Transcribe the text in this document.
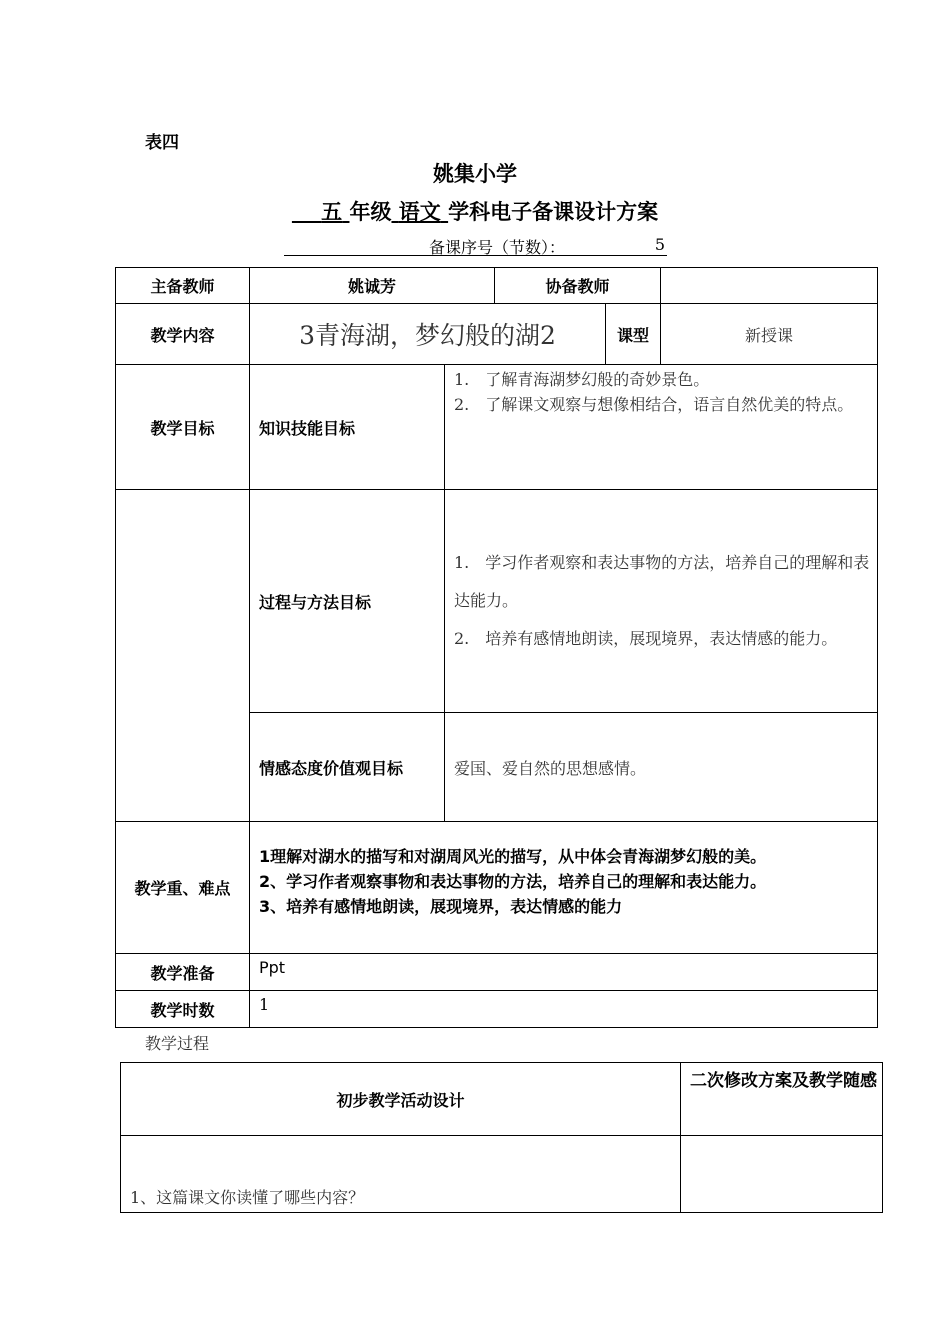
表四
姚集小学
五 年级 语文 学科电子备课设计方案
备课序号（节数）：	5
主备教师	姚诚芳		协备教师		
教学内容	3青海湖，梦幻般的湖2			课型	新授课
教学目标	知识技能目标	1.　了解青海湖梦幻般的奇妙景色。
2.　了解课文观察与想像相结合，语言自然优美的特点。			

	过程与方法目标	1.　学习作者观察和表达事物的方法，培养自己的理解和表达能力。
2.　培养有感情地朗读，展现境界，表达情感的能力。			

	情感态度价值观目标	爱国、爱自然的思想感情。			
教学重、难点	1理解对湖水的描写和对湖周风光的描写，从中体会青海湖梦幻般的美。
2、学习作者观察事物和表达事物的方法，培养自己的理解和表达能力。
3、培养有感情地朗读，展现境界，表达情感的能力				

教学准备	Ppt				
教学时数	1				
教学过程
初步教学活动设计	二次修改方案及教学随感
1、这篇课文你读懂了哪些内容？	
